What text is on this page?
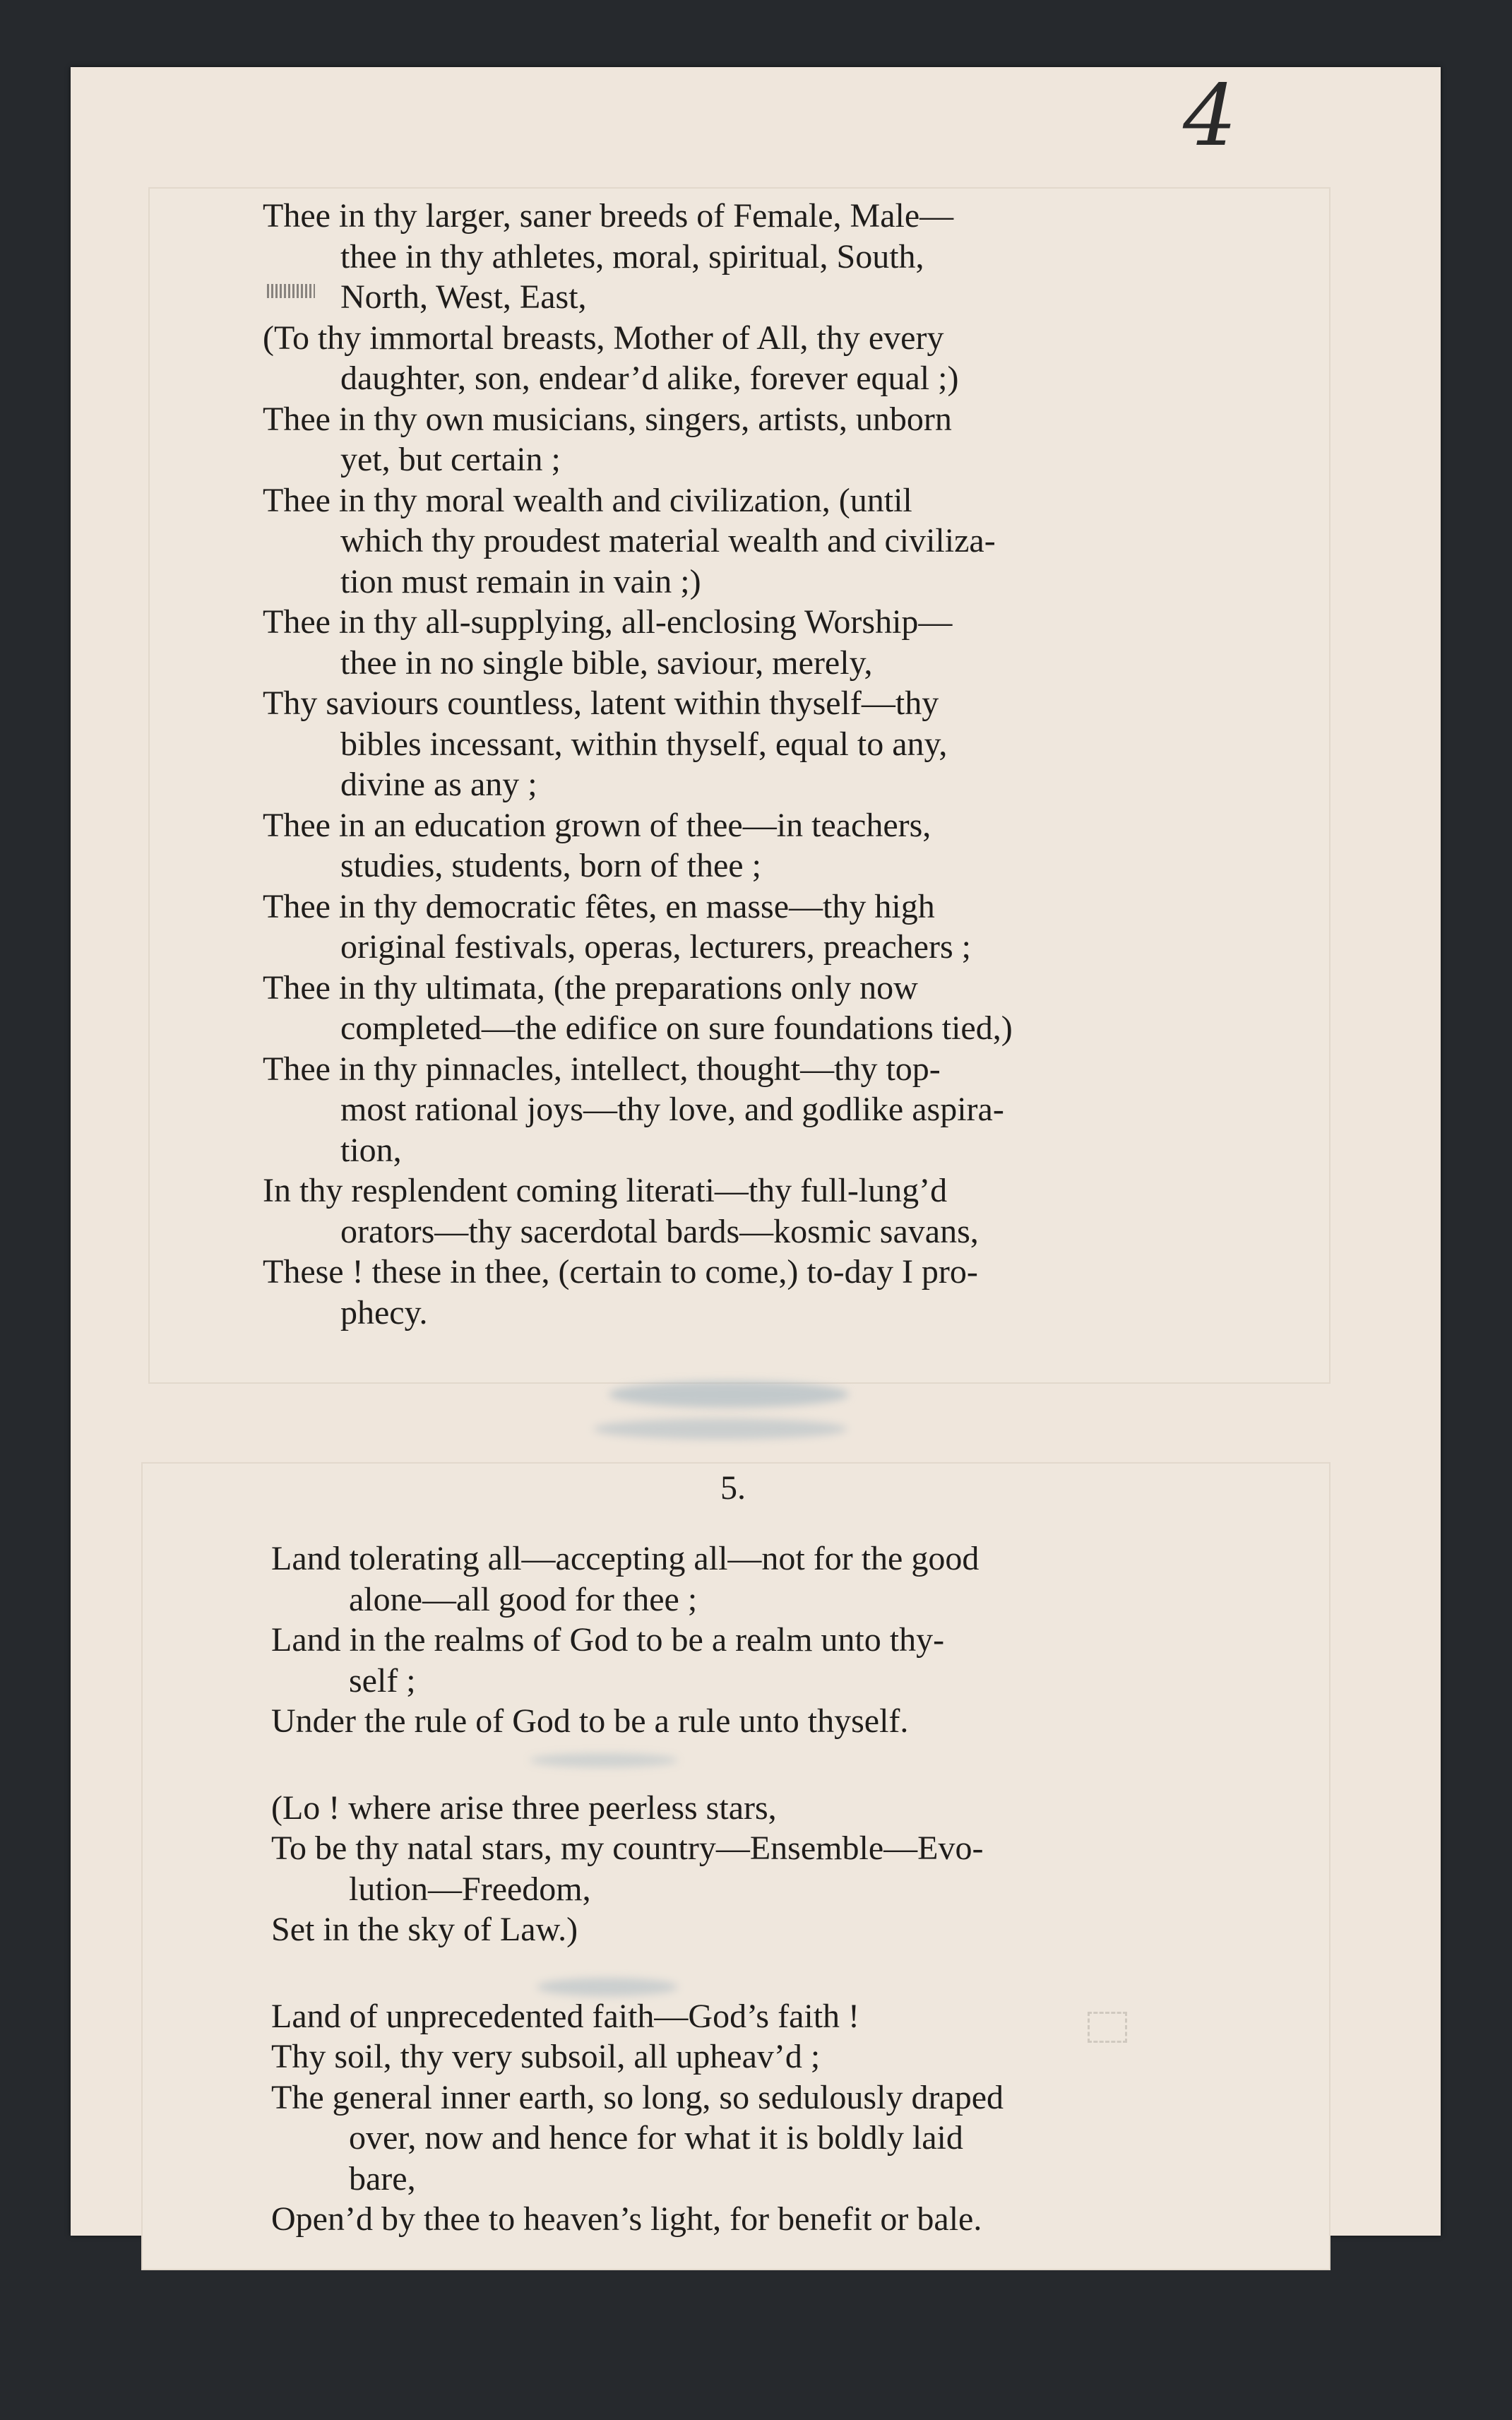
4
Thee in thy larger, saner breeds of Female, Male—
thee in thy athletes, moral, spiritual, South,
North, West, East,
(To thy immortal breasts, Mother of All, thy every
daughter, son, endear’d alike, forever equal ;)
Thee in thy own musicians, singers, artists, unborn
yet, but certain ;
Thee in thy moral wealth and civilization, (until
which thy proudest material wealth and civiliza-
tion must remain in vain ;)
Thee in thy all-supplying, all-enclosing Worship—
thee in no single bible, saviour, merely,
Thy saviours countless, latent within thyself—thy
bibles incessant, within thyself, equal to any,
divine as any ;
Thee in an education grown of thee—in teachers,
studies, students, born of thee ;
Thee in thy democratic fêtes, en masse—thy high
original festivals, operas, lecturers, preachers ;
Thee in thy ultimata, (the preparations only now
completed—the edifice on sure foundations tied,)
Thee in thy pinnacles, intellect, thought—thy top-
most rational joys—thy love, and godlike aspira-
tion,
In thy resplendent coming literati—thy full-lung’d
orators—thy sacerdotal bards—kosmic savans,
These ! these in thee, (certain to come,) to-day I pro-
phecy.
5.
Land tolerating all—accepting all—not for the good
alone—all good for thee ;
Land in the realms of God to be a realm unto thy-
self ;
Under the rule of God to be a rule unto thyself.
(Lo ! where arise three peerless stars,
To be thy natal stars, my country—Ensemble—Evo-
lution—Freedom,
Set in the sky of Law.)
Land of unprecedented faith—God’s faith !
Thy soil, thy very subsoil, all upheav’d ;
The general inner earth, so long, so sedulously draped
over, now and hence for what it is boldly laid
bare,
Open’d by thee to heaven’s light, for benefit or bale.
